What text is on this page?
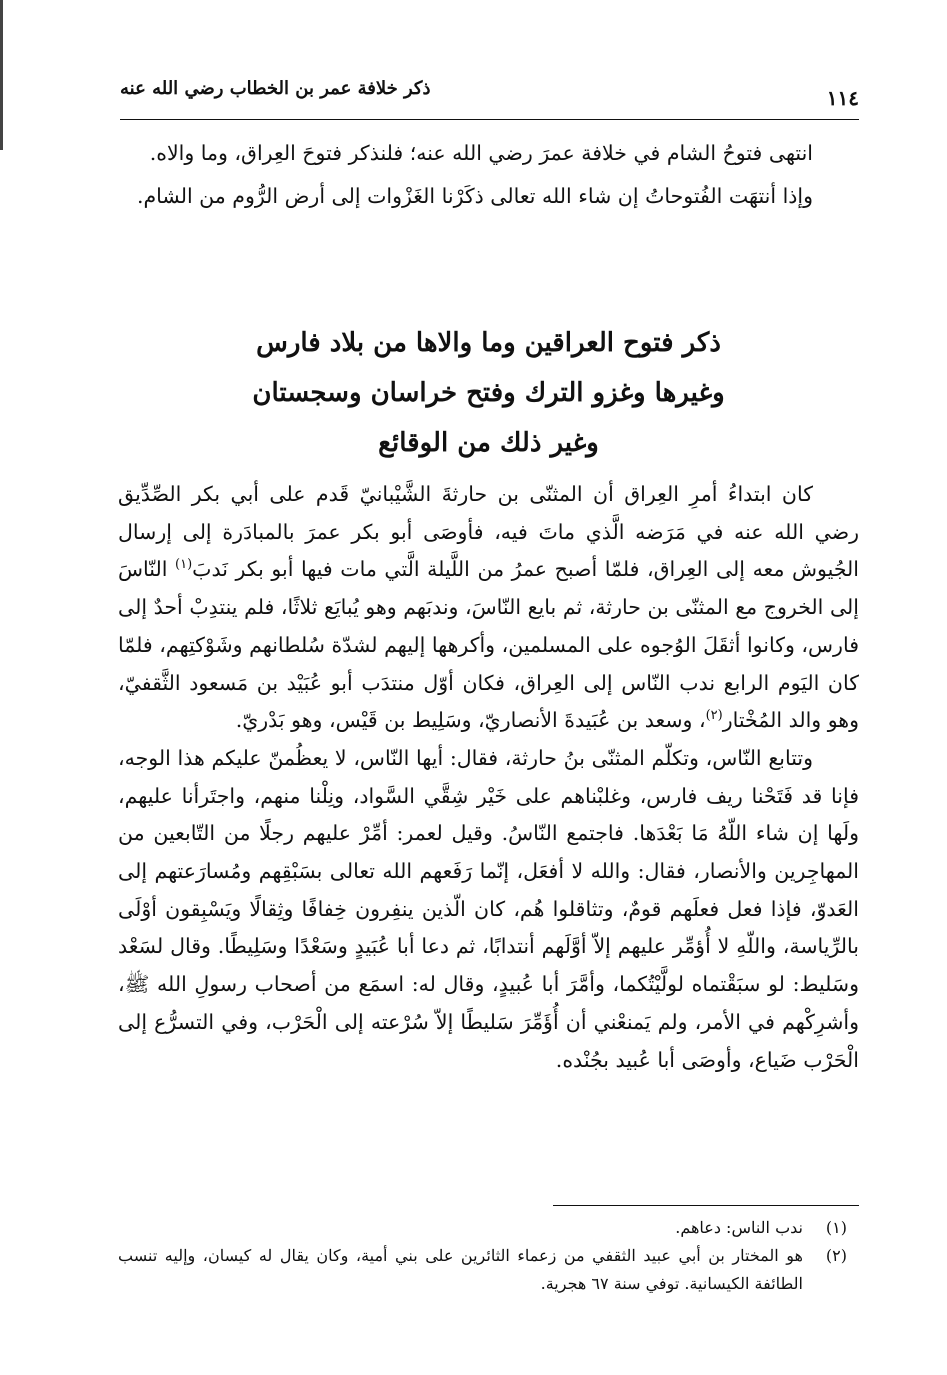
١١٤
ذكر خلافة عمر بن الخطاب رضي الله عنه

انتهى فتوحُ الشام في خلافة عمرَ رضي الله عنه؛ فلنذكر فتوحَ العِراق، وما والاه.

وإذا أنتهَت الفُتوحاتُ إن شاء الله تعالى ذكَرْنا الغَزْوات إلى أرض الرُّوم من الشام.

ذكر فتوح العراقين وما والاها من بلاد فارس
وغيرها وغزو الترك وفتح خراسان وسجستان
وغير ذلك من الوقائع

كان ابتداءُ أمرِ العِراق أن المثنّى بن حارثةَ الشَّيْبانيّ قَدم على أبي بكر الصِّدِّيق رضي الله عنه في مَرَضه الَّذي ماتَ فيه، فأوصَى أبو بكر عمرَ بالمبادَرة إلى إرسال الجُيوش معه إلى العِراق، فلمّا أصبح عمرُ من اللَّيلة الَّتي مات فيها أبو بكر نَدبَ$^{(١)}$ النّاسَ إلى الخروج مع المثنّى بن حارثة، ثم بايع النّاسَ، وندبَهم وهو يُبايَع ثلاثًا، فلم ينتدِبْ أحدٌ إلى فارس، وكانوا أثقَلَ الوُجوه على المسلمين، وأكرهها إليهم لشدّة سُلطانهم وشَوْكتِهم، فلمّا كان اليَوم الرابع ندب النّاس إلى العِراق، فكان أوّل منتدَب أبو عُبَيْد بن مَسعود الثَّقفيّ، وهو والد المُخْتار$^{(٢)}$، وسعد بن عُبَيدةَ الأنصاريّ، وسَلِيط بن قَيْس، وهو بَدْريّ.

وتتابع النّاس، وتكلّم المثنّى بنُ حارثة، فقال: أيها النّاس، لا يعظُمنّ عليكم هذا الوجه، فإنا قد فَتَحْنا ريف فارس، وغلبْناهم على خَيْر شِقَّي السَّواد، ونِلْنا منهم، واجتَرأنا عليهم، ولَها إن شاء اللّهُ مَا بَعْدَها. فاجتمع النّاسُ. وقيل لعمر: أمِّرْ عليهم رجلًا من التّابعين من المهاجِرين والأنصار، فقال: والله لا أفعَل، إنّما رَفَعهم الله تعالى بسَبْقِهم ومُسارَعتهم إلى العَدوّ، فإذا فعل فعلَهم قومٌ، وتثاقلوا هُم، كان الّذين ينفِرون خِفافًا وثِقالًا ويَسْبِقون أوْلَى بالرِّياسة، واللّهِ لا أُؤمِّر عليهم إلاّ أوَّلَهم أنتدابًا، ثم دعا أبا عُبَيدٍ وسَعْدًا وسَلِيطًا. وقال لسَعْد وسَليط: لو سبَقْتماه لولَّيْتُكما، وأمَّرَ أبا عُبيدٍ، وقال له: اسمَع من أصحاب رسولِ الله ﷺ، وأشرِكْهم في الأمر، ولم يَمنعْني أن أُؤَمِّرَ سَليطًا إلاّ سُرْعته إلى الْحَرْب، وفي التسرُّع إلى الْحَرْب ضَياع، وأوصَى أبا عُبيد بجُنْده.

(١)
ندب الناس: دعاهم.
(٢)
هو المختار بن أبي عبيد الثقفي من زعماء الثائرين على بني أمية، وكان يقال له كيسان، وإليه تنسب الطائفة الكيسانية. توفي سنة ٦٧ هجرية.
